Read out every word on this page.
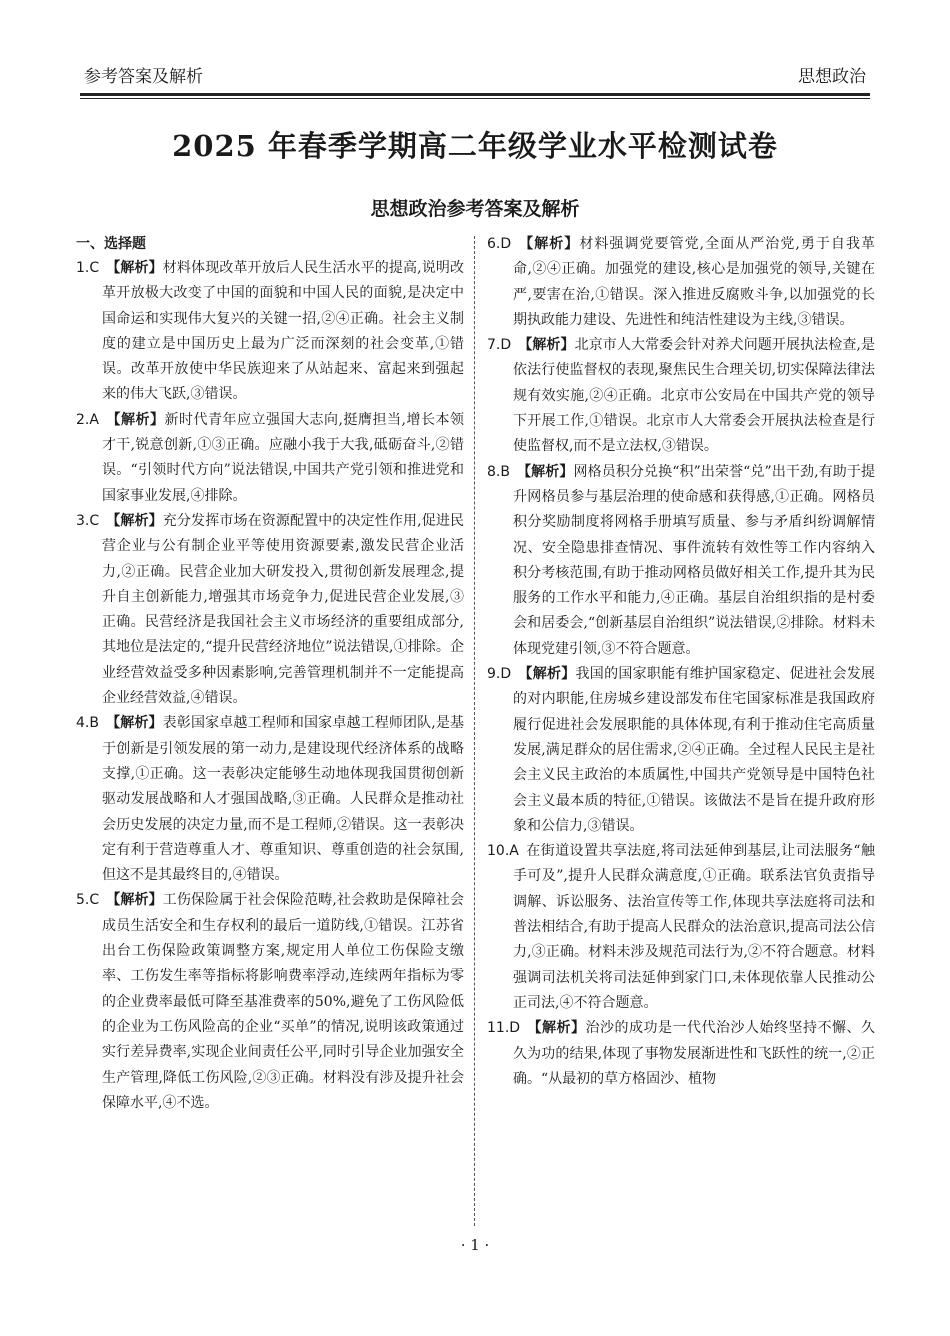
参考答案及解析	思想政治
2025 年春季学期高二年级学业水平检测试卷
思想政治参考答案及解析

一、选择题

1.C  【解析】材料体现改革开放后人民生活水平的提高,说明改革开放极大改变了中国的面貌和中国人民的面貌,是决定中国命运和实现伟大复兴的关键一招,②④正确。社会主义制度的建立是中国历史上最为广泛而深刻的社会变革,①错误。改革开放使中华民族迎来了从站起来、富起来到强起来的伟大飞跃,③错误。

2.A  【解析】新时代青年应立强国大志向,挺膺担当,增长本领才干,锐意创新,①③正确。应融小我于大我,砥砺奋斗,②错误。“引领时代方向”说法错误,中国共产党引领和推进党和国家事业发展,④排除。

3.C  【解析】充分发挥市场在资源配置中的决定性作用,促进民营企业与公有制企业平等使用资源要素,激发民营企业活力,②正确。民营企业加大研发投入,贯彻创新发展理念,提升自主创新能力,增强其市场竞争力,促进民营企业发展,③正确。民营经济是我国社会主义市场经济的重要组成部分,其地位是法定的,“提升民营经济地位”说法错误,①排除。企业经营效益受多种因素影响,完善管理机制并不一定能提高企业经营效益,④错误。

4.B  【解析】表彰国家卓越工程师和国家卓越工程师团队,是基于创新是引领发展的第一动力,是建设现代经济体系的战略支撑,①正确。这一表彰决定能够生动地体现我国贯彻创新驱动发展战略和人才强国战略,③正确。人民群众是推动社会历史发展的决定力量,而不是工程师,②错误。这一表彰决定有利于营造尊重人才、尊重知识、尊重创造的社会氛围,但这不是其最终目的,④错误。

5.C  【解析】工伤保险属于社会保险范畴,社会救助是保障社会成员生活安全和生存权利的最后一道防线,①错误。江苏省出台工伤保险政策调整方案,规定用人单位工伤保险支缴率、工伤发生率等指标将影响费率浮动,连续两年指标为零的企业费率最低可降至基准费率的50%,避免了工伤风险低的企业为工伤风险高的企业“买单”的情况,说明该政策通过实行差异费率,实现企业间责任公平,同时引导企业加强安全生产管理,降低工伤风险,②③正确。材料没有涉及提升社会保障水平,④不选。

6.D  【解析】材料强调党要管党,全面从严治党,勇于自我革命,②④正确。加强党的建设,核心是加强党的领导,关键在严,要害在治,①错误。深入推进反腐败斗争,以加强党的长期执政能力建设、先进性和纯洁性建设为主线,③错误。

7.D  【解析】北京市人大常委会针对养犬问题开展执法检查,是依法行使监督权的表现,聚焦民生合理关切,切实保障法律法规有效实施,②④正确。北京市公安局在中国共产党的领导下开展工作,①错误。北京市人大常委会开展执法检查是行使监督权,而不是立法权,③错误。

8.B  【解析】网格员积分兑换“积”出荣誉“兑”出干劲,有助于提升网格员参与基层治理的使命感和获得感,①正确。网格员积分奖励制度将网格手册填写质量、参与矛盾纠纷调解情况、安全隐患排查情况、事件流转有效性等工作内容纳入积分考核范围,有助于推动网格员做好相关工作,提升其为民服务的工作水平和能力,④正确。基层自治组织指的是村委会和居委会,“创新基层自治组织”说法错误,②排除。材料未体现党建引领,③不符合题意。

9.D  【解析】我国的国家职能有维护国家稳定、促进社会发展的对内职能,住房城乡建设部发布住宅国家标准是我国政府履行促进社会发展职能的具体体现,有利于推动住宅高质量发展,满足群众的居住需求,②④正确。全过程人民民主是社会主义民主政治的本质属性,中国共产党领导是中国特色社会主义最本质的特征,①错误。该做法不是旨在提升政府形象和公信力,③错误。

10.A  在街道设置共享法庭,将司法延伸到基层,让司法服务“触手可及”,提升人民群众满意度,①正确。联系法官负责指导调解、诉讼服务、法治宣传等工作,体现共享法庭将司法和普法相结合,有助于提高人民群众的法治意识,提高司法公信力,③正确。材料未涉及规范司法行为,②不符合题意。材料强调司法机关将司法延伸到家门口,未体现依靠人民推动公正司法,④不符合题意。

11.D  【解析】治沙的成功是一代代治沙人始终坚持不懈、久久为功的结果,体现了事物发展渐进性和飞跃性的统一,②正确。“从最初的草方格固沙、植物

· 1 ·
